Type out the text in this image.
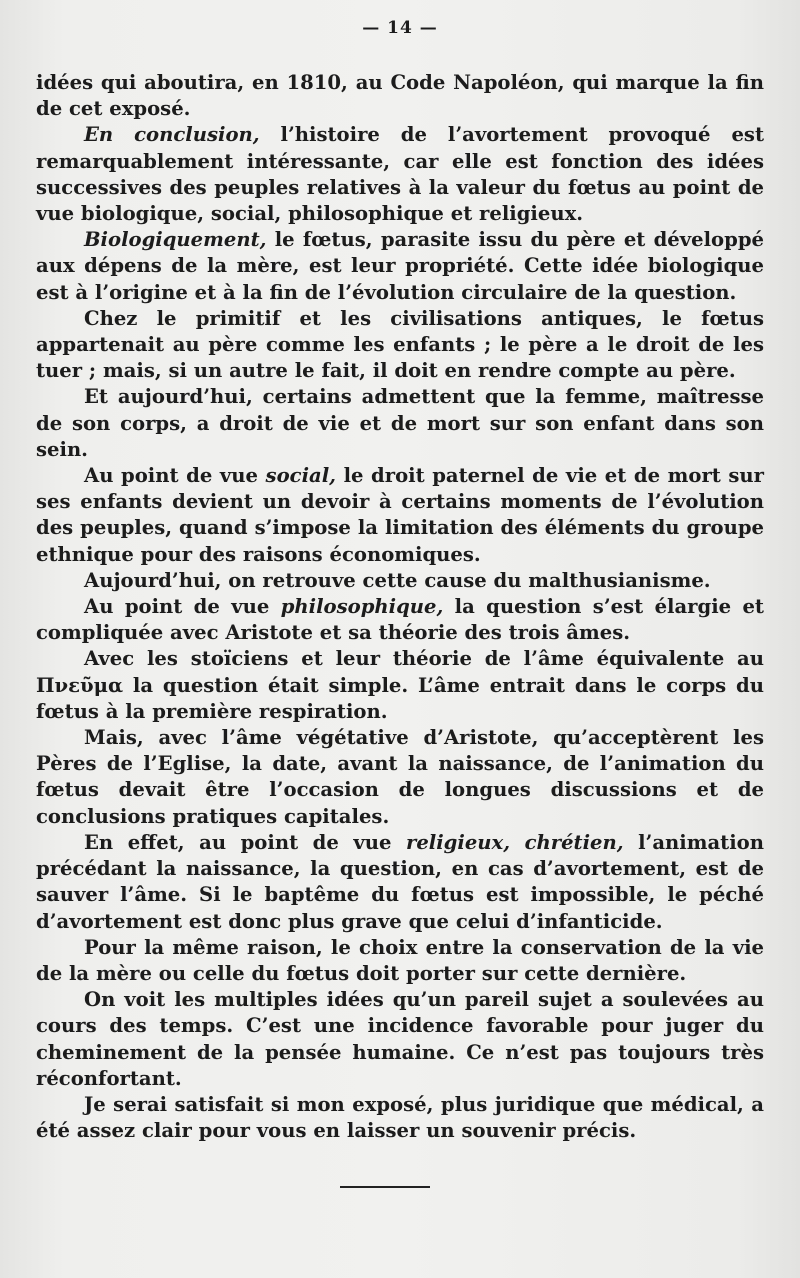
— 14 —

idées qui aboutira, en 1810, au Code Napoléon, qui marque la fin de cet exposé.

En conclusion, l’histoire de l’avortement provoqué est remarquablement intéressante, car elle est fonction des idées successives des peuples relatives à la valeur du fœtus au point de vue biologique, social, philosophique et religieux.

Biologiquement, le fœtus, parasite issu du père et développé aux dépens de la mère, est leur propriété. Cette idée biologique est à l’origine et à la fin de l’évolution circulaire de la question.

Chez le primitif et les civilisations antiques, le fœtus appartenait au père comme les enfants ; le père a le droit de les tuer ; mais, si un autre le fait, il doit en rendre compte au père.

Et aujourd’hui, certains admettent que la femme, maîtresse de son corps, a droit de vie et de mort sur son enfant dans son sein.

Au point de vue social, le droit paternel de vie et de mort sur ses enfants devient un devoir à certains moments de l’évolution des peuples, quand s’impose la limitation des éléments du groupe ethnique pour des raisons économiques.

Aujourd’hui, on retrouve cette cause du malthusianisme.

Au point de vue philosophique, la question s’est élargie et compliquée avec Aristote et sa théorie des trois âmes.

Avec les stoïciens et leur théorie de l’âme équivalente au Πνεῦμα la question était simple. L’âme entrait dans le corps du fœtus à la première respiration.

Mais, avec l’âme végétative d’Aristote, qu’acceptèrent les Pères de l’Eglise, la date, avant la naissance, de l’animation du fœtus devait être l’occasion de longues discussions et de conclusions pratiques capitales.

En effet, au point de vue religieux, chrétien, l’animation précédant la naissance, la question, en cas d’avortement, est de sauver l’âme. Si le baptême du fœtus est impossible, le péché d’avortement est donc plus grave que celui d’infanticide.

Pour la même raison, le choix entre la conservation de la vie de la mère ou celle du fœtus doit porter sur cette dernière.

On voit les multiples idées qu’un pareil sujet a soulevées au cours des temps. C’est une incidence favorable pour juger du cheminement de la pensée humaine. Ce n’est pas toujours très réconfortant.

Je serai satisfait si mon exposé, plus juridique que médical, a été assez clair pour vous en laisser un souvenir précis.
